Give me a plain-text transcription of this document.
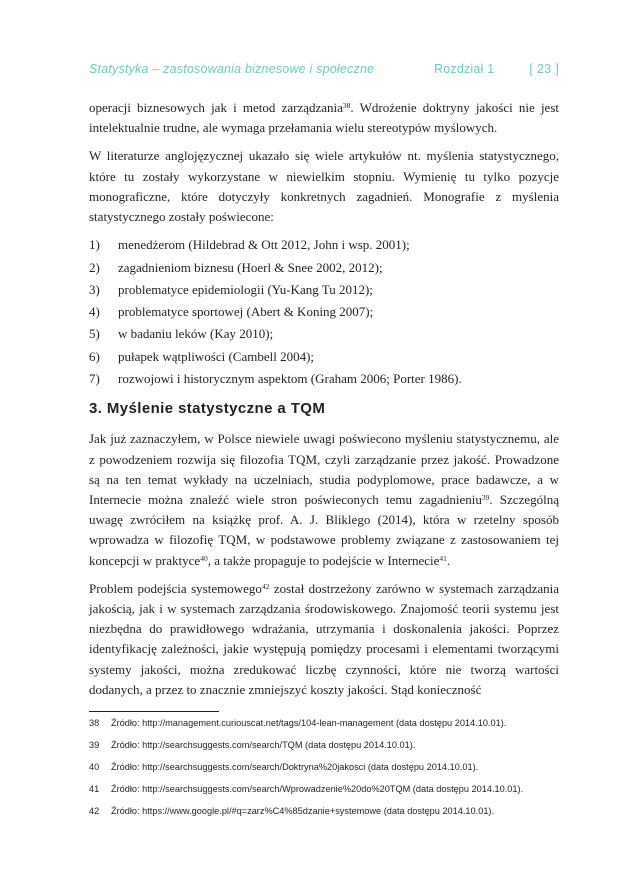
Statystyka – zastosowania biznesowe i społeczne	Rozdział 1	[ 23 ]

operacji biznesowych jak i metod zarządzania$^{38}$. Wdrożenie doktryny jakości nie jest intelektualnie trudne, ale wymaga przełamania wielu stereotypów myślowych.

W literaturze anglojęzycznej ukazało się wiele artykułów nt. myślenia statystycznego, które tu zostały wykorzystane w niewielkim stopniu. Wymienię tu tylko pozycje monograficzne, które dotyczyły konkretnych zagadnień. Monografie z myślenia statystycznego zostały poświecone:

1) menedżerom (Hildebrad & Ott 2012, John i wsp. 2001);
2) zagadnieniom biznesu (Hoerl & Snee 2002, 2012);
3) problematyce epidemiologii (Yu-Kang Tu 2012);
4) problematyce sportowej (Abert & Koning 2007);
5) w badaniu leków (Kay 2010);
6) pułapek wątpliwości (Cambell 2004);
7) rozwojowi i historycznym aspektom (Graham 2006; Porter 1986).
3. Myślenie statystyczne a TQM

Jak już zaznaczyłem, w Polsce niewiele uwagi poświecono myśleniu statystycznemu, ale z powodzeniem rozwija się filozofia TQM, czyli zarządzanie przez jakość. Prowadzone są na ten temat wykłady na uczelniach, studia podyplomowe, prace badawcze, a w Internecie można znaleźć wiele stron poświeconych temu zagadnieniu$^{39}$. Szczególną uwagę zwróciłem na książkę prof. A. J. Bliklego (2014), która w rzetelny sposób wprowadza w filozofię TQM, w podstawowe problemy związane z zastosowaniem tej koncepcji w praktyce$^{40}$, a także propaguje to podejście w Internecie$^{41}$.

Problem podejścia systemowego$^{42}$ został dostrzeżony zarówno w systemach zarządzania jakością, jak i w systemach zarządzania środowiskowego. Znajomość teorii systemu jest niezbędna do prawidłowego wdrażania, utrzymania i doskonalenia jakości. Poprzez identyfikację zależności, jakie występują pomiędzy procesami i elementami tworzącymi systemy jakości, można zredukować liczbę czynności, które nie tworzą wartości dodanych, a przez to znacznie zmniejszyć koszty jakości. Stąd konieczność

38 Źródło: http://management.curiouscat.net/tags/104-lean-management (data dostępu 2014.10.01).
39 Źródło: http://searchsuggests.com/search/TQM (data dostępu 2014.10.01).
40 Źródło: http://searchsuggests.com/search/Doktryna%20jakosci (data dostępu 2014.10.01).
41 Źródło: http://searchsuggests.com/search/Wprowadzenie%20do%20TQM (data dostępu 2014.10.01).
42 Źródło: https://www.google.pl/#q=zarz%C4%85dzanie+systemowe (data dostępu 2014.10.01).
